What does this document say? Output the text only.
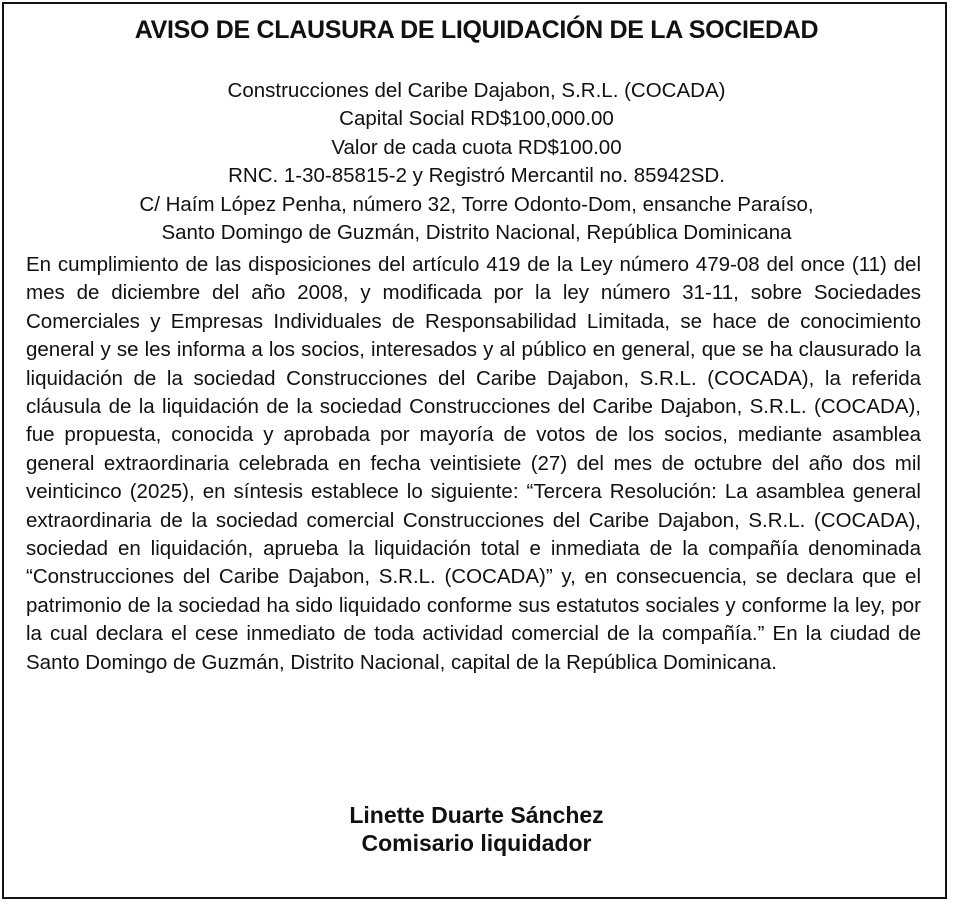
AVISO DE CLAUSURA DE LIQUIDACIÓN DE LA SOCIEDAD
Construcciones del Caribe Dajabon, S.R.L. (COCADA)
Capital Social RD$100,000.00
Valor de cada cuota RD$100.00
RNC. 1-30-85815-2 y Registró Mercantil no. 85942SD.
C/ Haím López Penha, número 32, Torre Odonto-Dom, ensanche Paraíso,
Santo Domingo de Guzmán, Distrito Nacional, República Dominicana

En cumplimiento de las disposiciones del artículo 419 de la Ley número 479-08 del once (11) del mes de diciembre del año 2008, y modificada por la ley número 31-11, sobre Sociedades Comerciales y Empresas Individuales de Responsabilidad Limitada, se hace de conocimiento general y se les informa a los socios, interesados y al público en general, que se ha clausurado la liquidación de la sociedad Construcciones del Caribe Dajabon, S.R.L. (COCADA), la referida cláusula de la liquidación de la sociedad Construcciones del Caribe Dajabon, S.R.L. (COCADA), fue propuesta, conocida y aprobada por mayoría de votos de los socios, mediante asamblea general extraordinaria celebrada en fecha veintisiete (27) del mes de octubre del año dos mil veinticinco (2025), en síntesis establece lo siguiente: “Tercera Resolución: La asamblea general extraordinaria de la sociedad comercial Construcciones del Caribe Dajabon, S.R.L. (COCADA), sociedad en liquidación, aprueba la liquidación total e inmediata de la compañía denominada “Construcciones del Caribe Dajabon, S.R.L. (COCADA)” y, en consecuencia, se declara que el patrimonio de la sociedad ha sido liquidado conforme sus estatutos sociales y conforme la ley, por la cual declara el cese inmediato de toda actividad comercial de la compañía.” En la ciudad de Santo Domingo de Guzmán, Distrito Nacional, capital de la República Dominicana.

Linette Duarte Sánchez
Comisario liquidador
